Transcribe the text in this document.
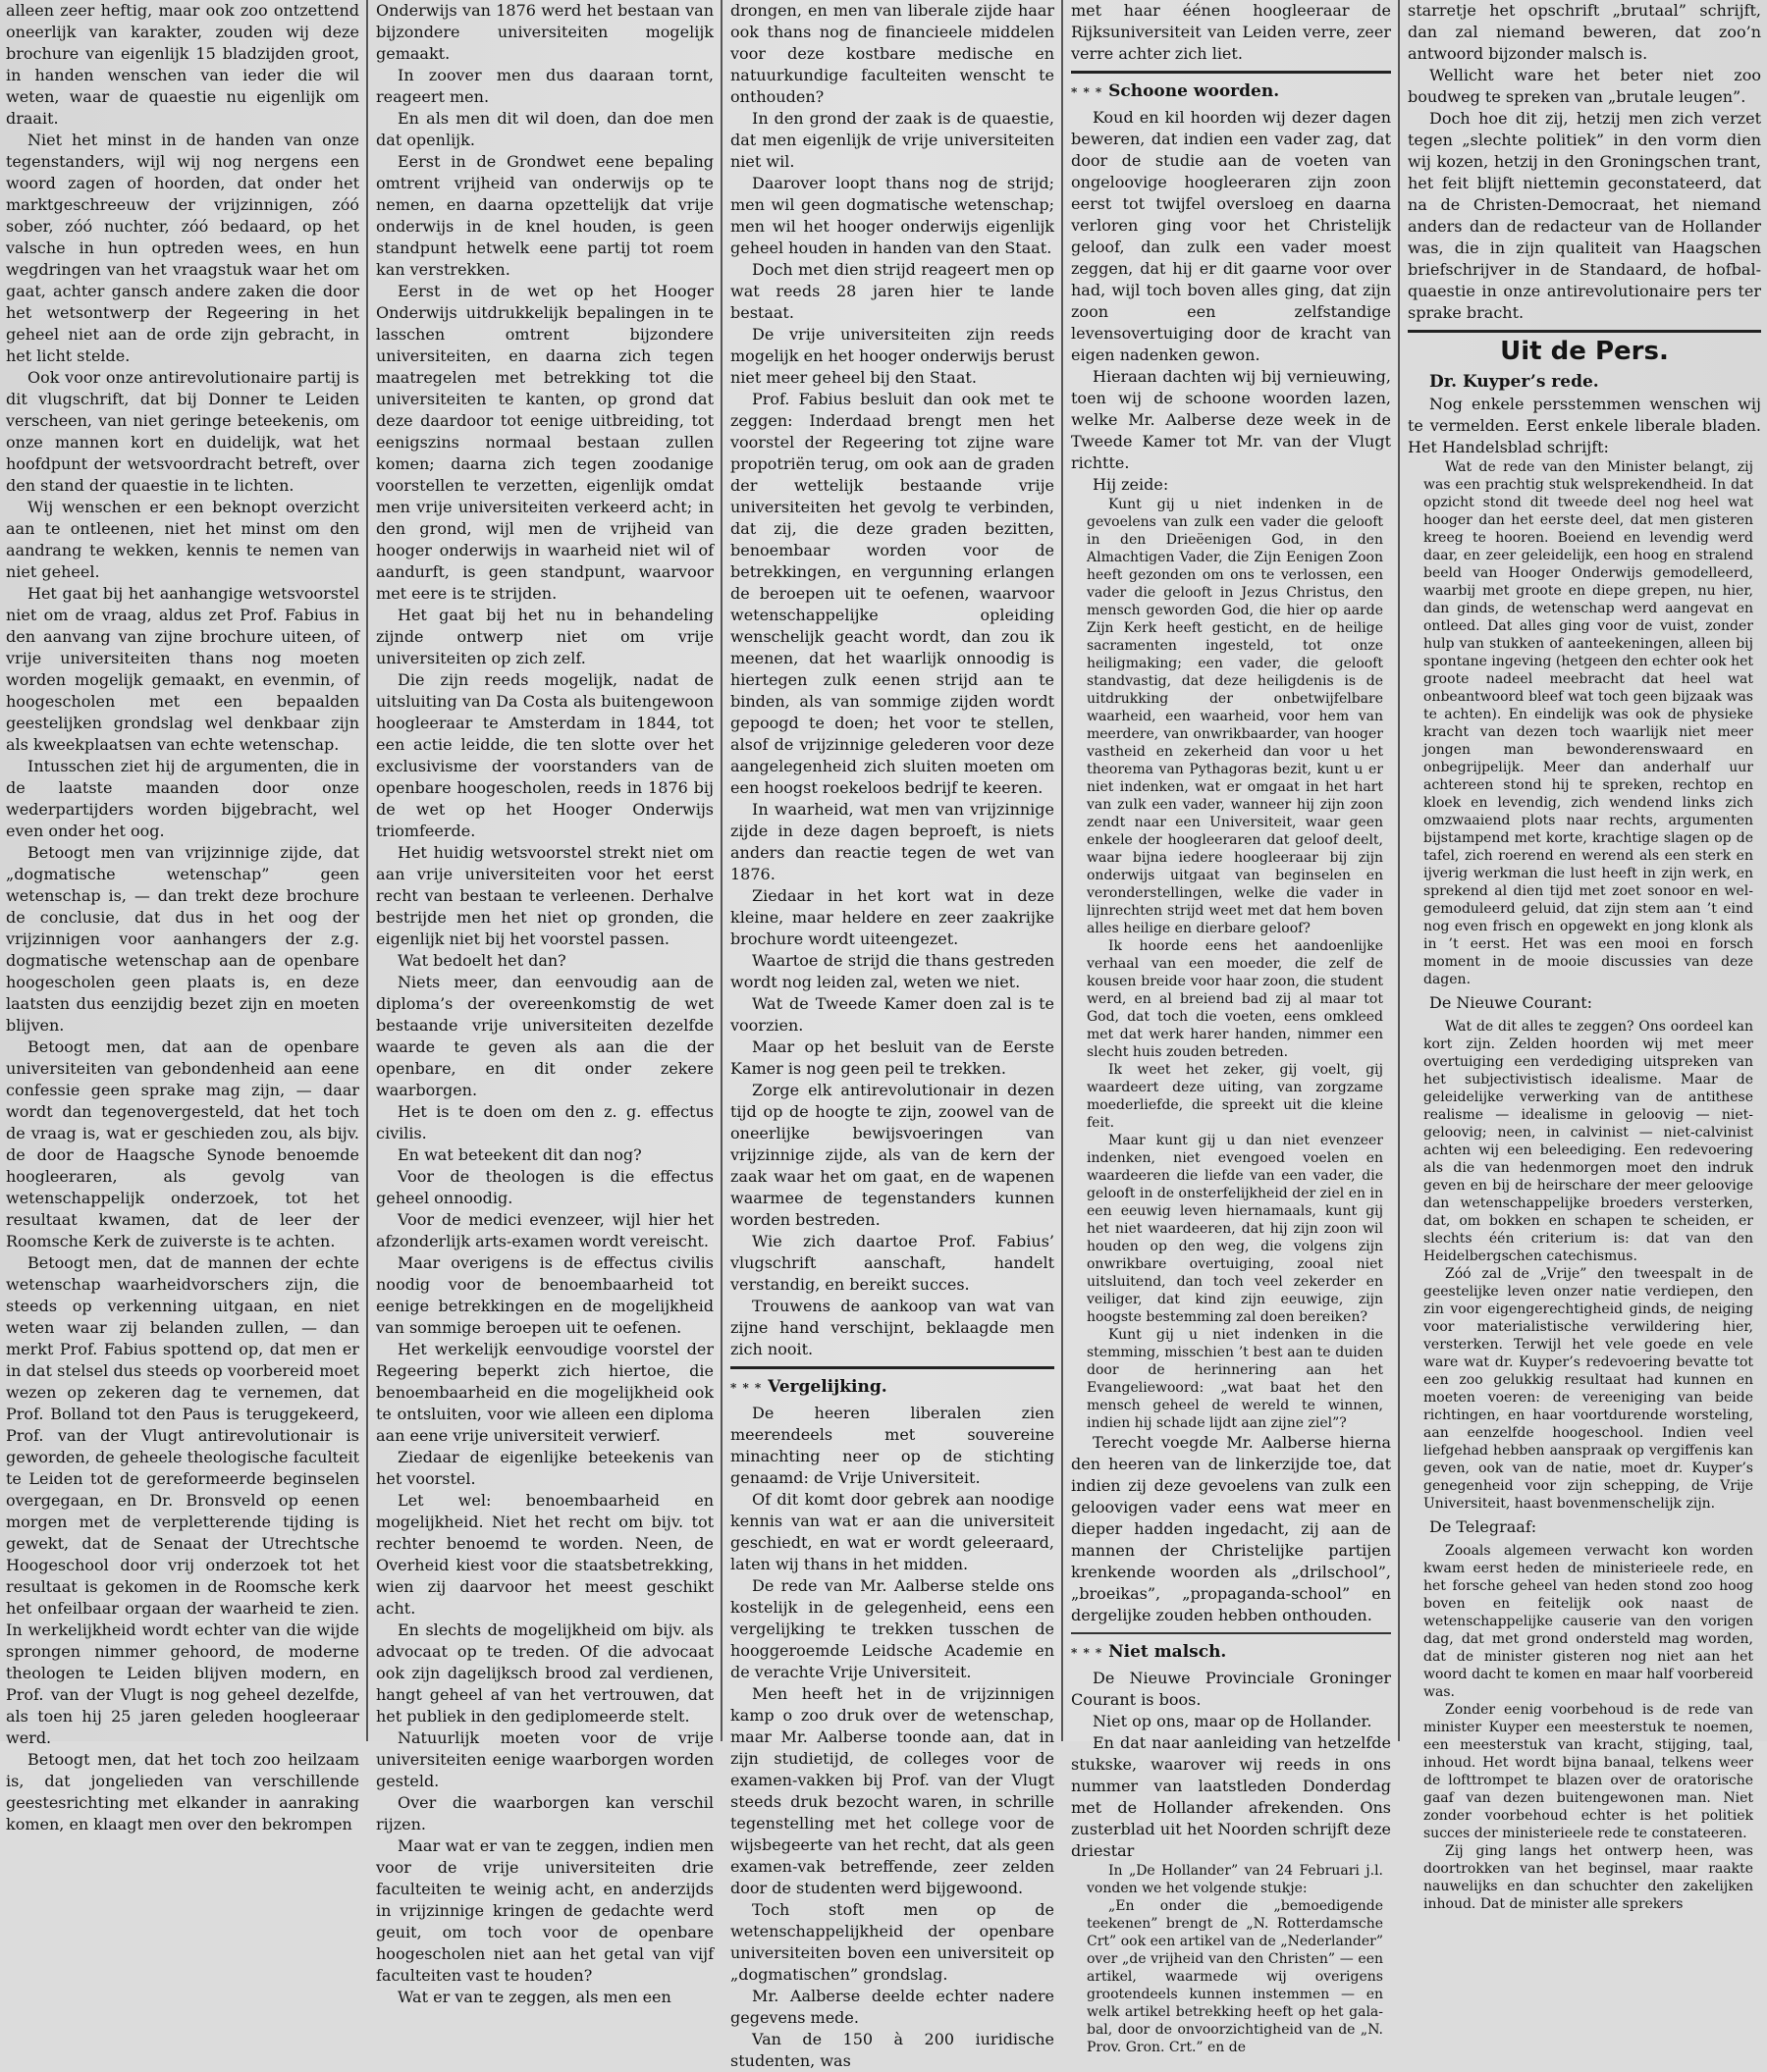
alleen zeer heftig, maar ook zoo ontzettend oneerlijk van karakter, zouden wij deze brochure van eigenlijk 15 bladzijden groot, in handen wenschen van ieder die wil weten, waar de quaestie nu eigenlijk om draait.

Niet het minst in de handen van onze tegenstanders, wijl wij nog nergens een woord zagen of hoorden, dat onder het marktgeschreeuw der vrijzinnigen, zóó sober, zóó nuchter, zóó bedaard, op het valsche in hun optreden wees, en hun wegdringen van het vraagstuk waar het om gaat, achter gansch andere zaken die door het wetsontwerp der Regeering in het geheel niet aan de orde zijn gebracht, in het licht stelde.

Ook voor onze antirevolutionaire partij is dit vlugschrift, dat bij Donner te Leiden verscheen, van niet geringe beteekenis, om onze mannen kort en duidelijk, wat het hoofdpunt der wetsvoordracht betreft, over den stand der quaestie in te lichten.

Wij wenschen er een beknopt overzicht aan te ontleenen, niet het minst om den aandrang te wekken, kennis te nemen van niet geheel.

Het gaat bij het aanhangige wetsvoorstel niet om de vraag, aldus zet Prof. Fabius in den aanvang van zijne brochure uiteen, of vrije universiteiten thans nog moeten worden mogelijk gemaakt, en evenmin, of hoogescholen met een bepaalden geestelijken grondslag wel denkbaar zijn als kweekplaatsen van echte wetenschap.

Intusschen ziet hij de argumenten, die in de laatste maanden door onze wederpartijders worden bijgebracht, wel even onder het oog.

Betoogt men van vrijzinnige zijde, dat „dogmatische wetenschap” geen wetenschap is, — dan trekt deze brochure de conclusie, dat dus in het oog der vrijzinnigen voor aanhangers der z.g. dogmatische wetenschap aan de openbare hoogescholen geen plaats is, en deze laatsten dus eenzijdig bezet zijn en moeten blijven.

Betoogt men, dat aan de openbare universiteiten van gebondenheid aan eene confessie geen sprake mag zijn, — daar wordt dan tegenovergesteld, dat het toch de vraag is, wat er geschieden zou, als bijv. de door de Haagsche Synode benoemde hoogleeraren, als gevolg van wetenschappelijk onderzoek, tot het resultaat kwamen, dat de leer der Roomsche Kerk de zuiverste is te achten.

Betoogt men, dat de mannen der echte wetenschap waarheidvorschers zijn, die steeds op verkenning uitgaan, en niet weten waar zij belanden zullen, — dan merkt Prof. Fabius spottend op, dat men er in dat stelsel dus steeds op voorbereid moet wezen op zekeren dag te vernemen, dat Prof. Bolland tot den Paus is teruggekeerd, Prof. van der Vlugt antirevolutionair is geworden, de geheele theologische faculteit te Leiden tot de gereformeerde beginselen overgegaan, en Dr. Bronsveld op eenen morgen met de verpletterende tijding is gewekt, dat de Senaat der Utrechtsche Hoogeschool door vrij onderzoek tot het resultaat is gekomen in de Roomsche kerk het onfeilbaar orgaan der waarheid te zien. In werkelijkheid wordt echter van die wijde sprongen nimmer gehoord, de moderne theologen te Leiden blijven modern, en Prof. van der Vlugt is nog geheel dezelfde, als toen hij 25 jaren geleden hoogleeraar werd.

Betoogt men, dat het toch zoo heilzaam is, dat jongelieden van verschillende geestesrichting met elkander in aanraking komen, en klaagt men over den bekrompen

Onderwijs van 1876 werd het bestaan van bijzondere universiteiten mogelijk gemaakt.

In zoover men dus daaraan tornt, reageert men.

En als men dit wil doen, dan doe men dat openlijk.

Eerst in de Grondwet eene bepaling omtrent vrijheid van onderwijs op te nemen, en daarna opzettelijk dat vrije onderwijs in de knel houden, is geen standpunt hetwelk eene partij tot roem kan verstrekken.

Eerst in de wet op het Hooger Onderwijs uitdrukkelijk bepalingen in te lasschen omtrent bijzondere universiteiten, en daarna zich tegen maatregelen met betrekking tot die universiteiten te kanten, op grond dat deze daardoor tot eenige uitbreiding, tot eenigszins normaal bestaan zullen komen; daarna zich tegen zoodanige voorstellen te verzetten, eigenlijk omdat men vrije universiteiten verkeerd acht; in den grond, wijl men de vrijheid van hooger onderwijs in waarheid niet wil of aandurft, is geen standpunt, waarvoor met eere is te strijden.

Het gaat bij het nu in behandeling zijnde ontwerp niet om vrije universiteiten op zich zelf.

Die zijn reeds mogelijk, nadat de uitsluiting van Da Costa als buitengewoon hoogleeraar te Amsterdam in 1844, tot een actie leidde, die ten slotte over het exclusivisme der voorstanders van de openbare hoogescholen, reeds in 1876 bij de wet op het Hooger Onderwijs triomfeerde.

Het huidig wetsvoorstel strekt niet om aan vrije universiteiten voor het eerst recht van bestaan te verleenen. Derhalve bestrijde men het niet op gronden, die eigenlijk niet bij het voorstel passen.

Wat bedoelt het dan?

Niets meer, dan eenvoudig aan de diploma’s der overeenkomstig de wet bestaande vrije universiteiten dezelfde waarde te geven als aan die der openbare, en dit onder zekere waarborgen.

Het is te doen om den z. g. effectus civilis.

En wat beteekent dit dan nog?

Voor de theologen is die effectus geheel onnoodig.

Voor de medici evenzeer, wijl hier het afzonderlijk arts-examen wordt vereischt.

Maar overigens is de effectus civilis noodig voor de benoembaarheid tot eenige betrekkingen en de mogelijkheid van sommige beroepen uit te oefenen.

Het werkelijk eenvoudige voorstel der Regeering beperkt zich hiertoe, die benoembaarheid en die mogelijkheid ook te ontsluiten, voor wie alleen een diploma aan eene vrije universiteit verwierf.

Ziedaar de eigenlijke beteekenis van het voorstel.

Let wel: benoembaarheid en mogelijkheid. Niet het recht om bijv. tot rechter benoemd te worden. Neen, de Overheid kiest voor die staatsbetrekking, wien zij daarvoor het meest geschikt acht.

En slechts de mogelijkheid om bijv. als advocaat op te treden. Of die advocaat ook zijn dagelijksch brood zal verdienen, hangt geheel af van het vertrouwen, dat het publiek in den gediplomeerde stelt.

Natuurlijk moeten voor de vrije universiteiten eenige waarborgen worden gesteld.

Over die waarborgen kan verschil rijzen.

Maar wat er van te zeggen, indien men voor de vrije universiteiten drie faculteiten te weinig acht, en anderzijds in vrijzinnige kringen de gedachte werd geuit, om toch voor de openbare hoogescholen niet aan het getal van vijf faculteiten vast te houden?

Wat er van te zeggen, als men een

drongen, en men van liberale zijde haar ook thans nog de financieele middelen voor deze kostbare medische en natuurkundige faculteiten wenscht te onthouden?

In den grond der zaak is de quaestie, dat men eigenlijk de vrije universiteiten niet wil.

Daarover loopt thans nog de strijd; men wil geen dogmatische wetenschap; men wil het hooger onderwijs eigenlijk geheel houden in handen van den Staat.

Doch met dien strijd reageert men op wat reeds 28 jaren hier te lande bestaat.

De vrije universiteiten zijn reeds mogelijk en het hooger onderwijs berust niet meer geheel bij den Staat.

Prof. Fabius besluit dan ook met te zeggen: Inderdaad brengt men het voorstel der Regeering tot zijne ware propotriën terug, om ook aan de graden der wettelijk bestaande vrije universiteiten het gevolg te verbinden, dat zij, die deze graden bezitten, benoembaar worden voor de betrekkingen, en vergunning erlangen de beroepen uit te oefenen, waarvoor wetenschappelijke opleiding wenschelijk geacht wordt, dan zou ik meenen, dat het waarlijk onnoodig is hiertegen zulk eenen strijd aan te binden, als van sommige zijden wordt gepoogd te doen; het voor te stellen, alsof de vrijzinnige gelederen voor deze aangelegenheid zich sluiten moeten om een hoogst roekeloos bedrijf te keeren.

In waarheid, wat men van vrijzinnige zijde in deze dagen beproeft, is niets anders dan reactie tegen de wet van 1876.

Ziedaar in het kort wat in deze kleine, maar heldere en zeer zaakrijke brochure wordt uiteengezet.

Waartoe de strijd die thans gestreden wordt nog leiden zal, weten we niet.

Wat de Tweede Kamer doen zal is te voorzien.

Maar op het besluit van de Eerste Kamer is nog geen peil te trekken.

Zorge elk antirevolutionair in dezen tijd op de hoogte te zijn, zoowel van de oneerlijke bewijsvoeringen van vrijzinnige zijde, als van de kern der zaak waar het om gaat, en de wapenen waarmee de tegenstanders kunnen worden bestreden.

Wie zich daartoe Prof. Fabius’ vlugschrift aanschaft, handelt verstandig, en bereikt succes.

Trouwens de aankoop van wat van zijne hand verschijnt, beklaagde men zich nooit.

* * * Vergelijking.

De heeren liberalen zien meerendeels met souvereine minachting neer op de stichting genaamd: de Vrije Universiteit.

Of dit komt door gebrek aan noodige kennis van wat er aan die universiteit geschiedt, en wat er wordt geleeraard, laten wij thans in het midden.

De rede van Mr. Aalberse stelde ons kostelijk in de gelegenheid, eens een vergelijking te trekken tusschen de hooggeroemde Leidsche Academie en de verachte Vrije Universiteit.

Men heeft het in de vrijzinnigen kamp o zoo druk over de wetenschap, maar Mr. Aalberse toonde aan, dat in zijn studietijd, de colleges voor de examen-vakken bij Prof. van der Vlugt steeds druk bezocht waren, in schrille tegenstelling met het college voor de wijsbegeerte van het recht, dat als geen examen-vak betreffende, zeer zelden door de studenten werd bijgewoond.

Toch stoft men op de wetenschappelijkheid der openbare universiteiten boven een universiteit op „dogmatischen” grondslag.

Mr. Aalberse deelde echter nadere gegevens mede.

Van de 150 à 200 iuridische studenten, was

met haar éénen hoogleeraar de Rijksuniversiteit van Leiden verre, zeer verre achter zich liet.

* * * Schoone woorden.

Koud en kil hoorden wij dezer dagen beweren, dat indien een vader zag, dat door de studie aan de voeten van ongeloovige hoogleeraren zijn zoon eerst tot twijfel oversloeg en daarna verloren ging voor het Christelijk geloof, dan zulk een vader moest zeggen, dat hij er dit gaarne voor over had, wijl toch boven alles ging, dat zijn zoon een zelfstandige levensovertuiging door de kracht van eigen nadenken gewon.

Hieraan dachten wij bij vernieuwing, toen wij de schoone woorden lazen, welke Mr. Aalberse deze week in de Tweede Kamer tot Mr. van der Vlugt richtte.

Hij zeide:

Kunt gij u niet indenken in de gevoelens van zulk een vader die gelooft in den Drieëenigen God, in den Almachtigen Vader, die Zijn Eenigen Zoon heeft gezonden om ons te verlossen, een vader die gelooft in Jezus Christus, den mensch geworden God, die hier op aarde Zijn Kerk heeft gesticht, en de heilige sacramenten ingesteld, tot onze heiligmaking; een vader, die gelooft standvastig, dat deze heiligdenis is de uitdrukking der onbetwijfelbare waarheid, een waarheid, voor hem van meerdere, van onwrikbaarder, van hooger vastheid en zekerheid dan voor u het theorema van Pythagoras bezit, kunt u er niet indenken, wat er omgaat in het hart van zulk een vader, wanneer hij zijn zoon zendt naar een Universiteit, waar geen enkele der hoogleeraren dat geloof deelt, waar bijna iedere hoogleeraar bij zijn onderwijs uitgaat van beginselen en veronderstellingen, welke die vader in lijnrechten strijd weet met dat hem boven alles heilige en dierbare geloof?

Ik hoorde eens het aandoenlijke verhaal van een moeder, die zelf de kousen breide voor haar zoon, die student werd, en al breiend bad zij al maar tot God, dat toch die voeten, eens omkleed met dat werk harer handen, nimmer een slecht huis zouden betreden.

Ik weet het zeker, gij voelt, gij waardeert deze uiting, van zorgzame moederliefde, die spreekt uit die kleine feit.

Maar kunt gij u dan niet evenzeer indenken, niet evengoed voelen en waardeeren die liefde van een vader, die gelooft in de onsterfelijkheid der ziel en in een eeuwig leven hiernamaals, kunt gij het niet waardeeren, dat hij zijn zoon wil houden op den weg, die volgens zijn onwrikbare overtuiging, zooal niet uitsluitend, dan toch veel zekerder en veiliger, dat kind zijn eeuwige, zijn hoogste bestemming zal doen bereiken?

Kunt gij u niet indenken in die stemming, misschien ’t best aan te duiden door de herinnering aan het Evangeliewoord: „wat baat het den mensch geheel de wereld te winnen, indien hij schade lijdt aan zijne ziel”?

Terecht voegde Mr. Aalberse hierna den heeren van de linkerzijde toe, dat indien zij deze gevoelens van zulk een geloovigen vader eens wat meer en dieper hadden ingedacht, zij aan de mannen der Christelijke partijen krenkende woorden als „drilschool”, „broeikas”, „propaganda-school” en dergelijke zouden hebben onthouden.

* * * Niet malsch.

De Nieuwe Provinciale Groninger Courant is boos.

Niet op ons, maar op de Hollander.

En dat naar aanleiding van hetzelfde stukske, waarover wij reeds in ons nummer van laatstleden Donderdag met de Hollander afrekenden. Ons zusterblad uit het Noorden schrijft deze driestar

In „De Hollander” van 24 Februari j.l. vonden we het volgende stukje:

„En onder die „bemoedigende teekenen” brengt de „N. Rotterdamsche Crt” ook een artikel van de „Nederlander” over „de vrijheid van den Christen” — een artikel, waarmede wij overigens grootendeels kunnen instemmen — en welk artikel betrekking heeft op het gala-bal, door de onvoorzichtigheid van de „N. Prov. Gron. Crt.” en de

starretje het opschrift „brutaal” schrijft, dan zal niemand beweren, dat zoo’n antwoord bijzonder malsch is.

Wellicht ware het beter niet zoo boudweg te spreken van „brutale leugen”.

Doch hoe dit zij, hetzij men zich verzet tegen „slechte politiek” in den vorm dien wij kozen, hetzij in den Groningschen trant, het feit blijft niettemin geconstateerd, dat na de Christen-Democraat, het niemand anders dan de redacteur van de Hollander was, die in zijn qualiteit van Haagschen briefschrijver in de Standaard, de hofbal-quaestie in onze antirevolutionaire pers ter sprake bracht.

Uit de Pers.
Dr. Kuyper’s rede.

Nog enkele persstemmen wenschen wij te vermelden. Eerst enkele liberale bladen. Het Handelsblad schrijft:

Wat de rede van den Minister belangt, zij was een prachtig stuk welsprekendheid. In dat opzicht stond dit tweede deel nog heel wat hooger dan het eerste deel, dat men gisteren kreeg te hooren. Boeiend en levendig werd daar, en zeer geleidelijk, een hoog en stralend beeld van Hooger Onderwijs gemodelleerd, waarbij met groote en diepe grepen, nu hier, dan ginds, de wetenschap werd aangevat en ontleed. Dat alles ging voor de vuist, zonder hulp van stukken of aanteekeningen, alleen bij spontane ingeving (hetgeen den echter ook het groote nadeel meebracht dat heel wat onbeantwoord bleef wat toch geen bijzaak was te achten). En eindelijk was ook de physieke kracht van dezen toch waarlijk niet meer jongen man bewonderenswaard en onbegrijpelijk. Meer dan anderhalf uur achtereen stond hij te spreken, rechtop en kloek en levendig, zich wendend links zich omzwaaiend plots naar rechts, argumenten bijstampend met korte, krachtige slagen op de tafel, zich roerend en werend als een sterk en ijverig werkman die lust heeft in zijn werk, en sprekend al dien tijd met zoet sonoor en wel-gemoduleerd geluid, dat zijn stem aan ’t eind nog even frisch en opgewekt en jong klonk als in ’t eerst. Het was een mooi en forsch moment in de mooie discussies van deze dagen.

De Nieuwe Courant:

Wat de dit alles te zeggen? Ons oordeel kan kort zijn. Zelden hoorden wij met meer overtuiging een verdediging uitspreken van het subjectivistisch idealisme. Maar de geleidelijke verwerking van de antithese realisme — idealisme in geloovig — niet-geloovig; neen, in calvinist — niet-calvinist achten wij een beleediging. Een redevoering als die van hedenmorgen moet den indruk geven en bij de heirschare der meer geloovige dan wetenschappelijke broeders versterken, dat, om bokken en schapen te scheiden, er slechts één criterium is: dat van den Heidelbergschen catechismus.

Zóó zal de „Vrije” den tweespalt in de geestelijke leven onzer natie verdiepen, den zin voor eigengerechtigheid ginds, de neiging voor materialistische verwildering hier, versterken. Terwijl het vele goede en vele ware wat dr. Kuyper’s redevoering bevatte tot een zoo gelukkig resultaat had kunnen en moeten voeren: de vereeniging van beide richtingen, en haar voortdurende worsteling, aan eenzelfde hoogeschool. Indien veel liefgehad hebben aanspraak op vergiffenis kan geven, ook van de natie, moet dr. Kuyper’s genegenheid voor zijn schepping, de Vrije Universiteit, haast bovenmenschelijk zijn.

De Telegraaf:

Zooals algemeen verwacht kon worden kwam eerst heden de ministerieele rede, en het forsche geheel van heden stond zoo hoog boven en feitelijk ook naast de wetenschappelijke causerie van den vorigen dag, dat met grond ondersteld mag worden, dat de minister gisteren nog niet aan het woord dacht te komen en maar half voorbereid was.

Zonder eenig voorbehoud is de rede van minister Kuyper een meesterstuk te noemen, een meesterstuk van kracht, stijging, taal, inhoud. Het wordt bijna banaal, telkens weer de lofttrompet te blazen over de oratorische gaaf van dezen buitengewonen man. Niet zonder voorbehoud echter is het politiek succes der ministerieele rede te constateeren.

Zij ging langs het ontwerp heen, was doortrokken van het beginsel, maar raakte nauwelijks en dan schuchter den zakelijken inhoud. Dat de minister alle sprekers
